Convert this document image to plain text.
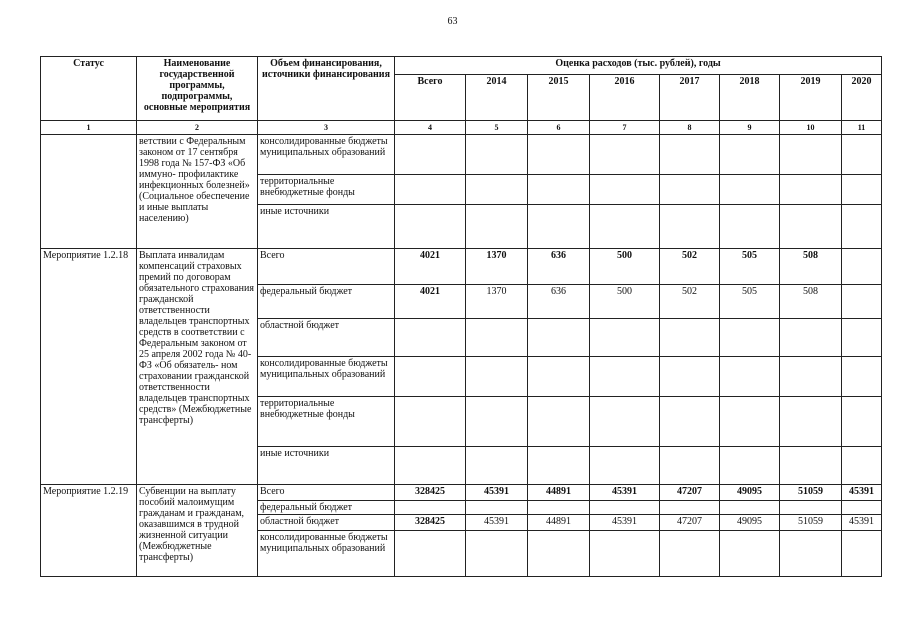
63
Статус	Наименование государственной программы, подпрограммы, основные мероприятия	Объем финансирования, источники финансирования	Оценка расходов (тыс. рублей), годы							
			Всего	2014	2015	2016	2017	2018	2019	2020
1	2	3	4	5	6	7	8	9	10	11
	ветствии с Федеральным законом от 17 сентября 1998 года № 157-ФЗ «Об иммуно- профилактике инфекционных болезней» (Социальное обеспечение и иные выплаты населению)	консолидированные бюджеты муниципальных образований								
		территориальные внебюджетные фонды								
		иные источники								
Мероприятие 1.2.18	Выплата инвалидам компенсаций страховых премий по договорам обязательного страхования гражданской ответственности владельцев транспортных средств в соответствии с Федеральным законом от 25 апреля 2002 года № 40-ФЗ «Об обязатель- ном страховании гражданской ответственности владельцев транспортных средств» (Межбюджетные трансферты)	Всего	4021	1370	636	500	502	505	508	
		федеральный бюджет	4021	1370	636	500	502	505	508	
		областной бюджет								
		консолидированные бюджеты муниципальных образований								
		территориальные внебюджетные фонды								
		иные источники								
Мероприятие 1.2.19	Субвенции на выплату пособий малоимущим гражданам и гражданам, оказавшимся в трудной жизненной ситуации (Межбюджетные трансферты)	Всего	328425	45391	44891	45391	47207	49095	51059	45391
		федеральный бюджет								
		областной бюджет	328425	45391	44891	45391	47207	49095	51059	45391
		консолидированные бюджеты муниципальных образований								
